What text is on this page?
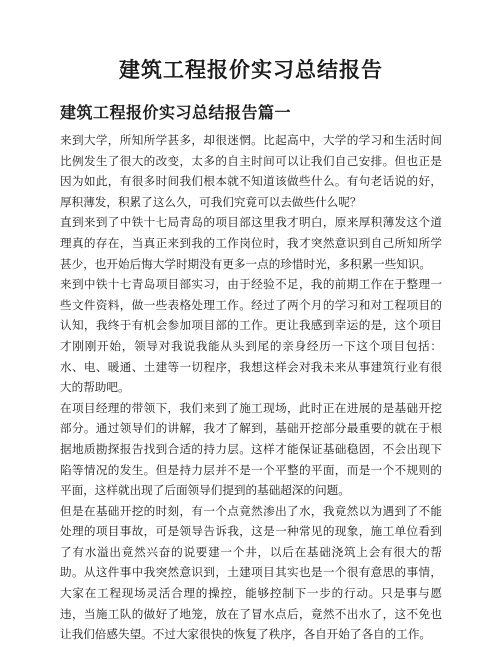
建筑工程报价实习总结报告
建筑工程报价实习总结报告篇一

来到大学，所知所学甚多，却很迷惘。比起高中，大学的学习和生活时间比例发生了很大的改变，太多的自主时间可以让我们自己安排。但也正是因为如此，有很多时间我们根本就不知道该做些什么。有句老话说的好，厚积薄发，积累了这么久，可我们究竟可以去做些什么呢？

直到来到了中铁十七局青岛的项目部这里我才明白，原来厚积薄发这个道理真的存在，当真正来到我的工作岗位时，我才突然意识到自己所知所学甚少，也开始后悔大学时期没有更多一点的珍惜时光，多积累一些知识。

来到中铁十七青岛项目部实习，由于经验不足，我的前期工作在于整理一些文件资料，做一些表格处理工作。经过了两个月的学习和对工程项目的认知，我终于有机会参加项目部的工作。更让我感到幸运的是，这个项目才刚刚开始，领导对我说我能从头到尾的亲身经历一下这个项目包括：水、电、暖通、土建等一切程序，我想这样会对我未来从事建筑行业有很大的帮助吧。

在项目经理的带领下，我们来到了施工现场，此时正在进展的是基础开挖部分。通过领导们的讲解，我才了解到，基础开挖部分最重要的就在于根据地质勘探报告找到合适的持力层。这样才能保证基础稳固，不会出现下陷等情况的发生。但是持力层并不是一个平整的平面，而是一个不规则的平面，这样就出现了后面领导们提到的基础超深的问题。

但是在基础开挖的时刻，有一个点竟然渗出了水，我竟然以为遇到了不能处理的项目事故，可是领导告诉我，这是一种常见的现象，施工单位看到了有水溢出竟然兴奋的说要建一个井，以后在基础浇筑上会有很大的帮助。从这件事中我突然意识到，土建项目其实也是一个很有意思的事情，大家在工程现场灵活合理的操控，能够控制下一步的行动。只是事与愿违，当施工队的做好了地笼，放在了冒水点后，竟然不出水了，这不免也让我们倍感失望。不过大家很快的恢复了秩序，各自开始了各自的工作。
